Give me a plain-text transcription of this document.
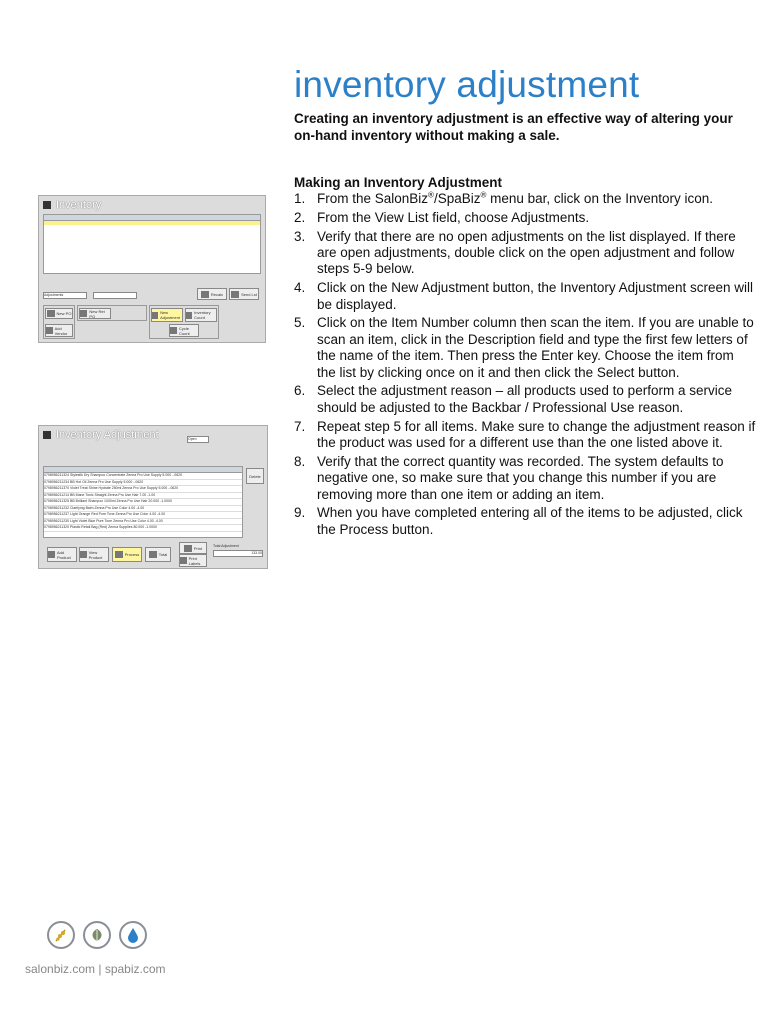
inventory adjustment
Creating an inventory adjustment is an effective way of altering your on-hand inventory without making a sale.
Making an Inventory Adjustment
1. From the SalonBiz®/SpaBiz® menu bar, click on the Inventory icon.
2. From the View List field, choose Adjustments.
3. Verify that there are no open adjustments on the list displayed. If there are open adjustments, double click on the open adjustment and follow steps 5-9 below.
4. Click on the New Adjustment button, the Inventory Adjustment screen will be displayed.
5. Click on the Item Number column then scan the item. If you are unable to scan an item, click in the Description field and type the first few letters of the name of the item. Then press the Enter key. Choose the item from the list by clicking once on it and then click the Select button.
6. Select the adjustment reason – all products used to perform a service should be adjusted to the Backbar / Professional Use reason.
7. Repeat step 5 for all items. Make sure to change the adjustment reason if the product was used for a different use than the one listed above it.
8. Verify that the correct quantity was recorded. The system defaults to negative one, so make sure that you change this number if you are removing more than one item or adding an item.
9. When you have completed entering all of the items to be adjusted, click the Process button.
Inventory
Adjustments	Recalc	Send Lst
New PO	New Ret PO
New Adjustment
Inventory Count
Cycle Count
Add Vendor
Inventory Adjustment	Open
Delete
0798956211324 Stylesilk Dry Shampoo Concentrate Zenna Pro Use Supply 5.000 -.0620
0798956211234 BB Hot Oil Zenna Pro Use Supply 5.000 -.0620
0798956211370 Violet Treat Shine Hydrate 250ml Zenna Pro Use Supply 5.000 -.0620
0798956211214 BB Mane Tonic Straight Zenna Pro Use Hair 7.00 -1.00
0798956211325 BB Brilliant Shampoo 1000ml Zenna Pro Use Hair 20.000 -1.0000
0798956211232 Clarifying Balm Zenna Pro Use Color 4.00 -4.00
0798956211237 Light Orange Red Pure Tone Zenna Pro Use Color 4.00 -4.00
0798956211230 Light Violet Blue Pure Tone Zenna Pro Use Color 4.00 -4.00
0798956211320 Plastic Retail Bag (Red) Zenna Supplies 80.000 -1.0000
Add Product
View Product	Process	Total
Print
Print Labels
Total Adjustment
133.00
salonbiz.com | spabiz.com
